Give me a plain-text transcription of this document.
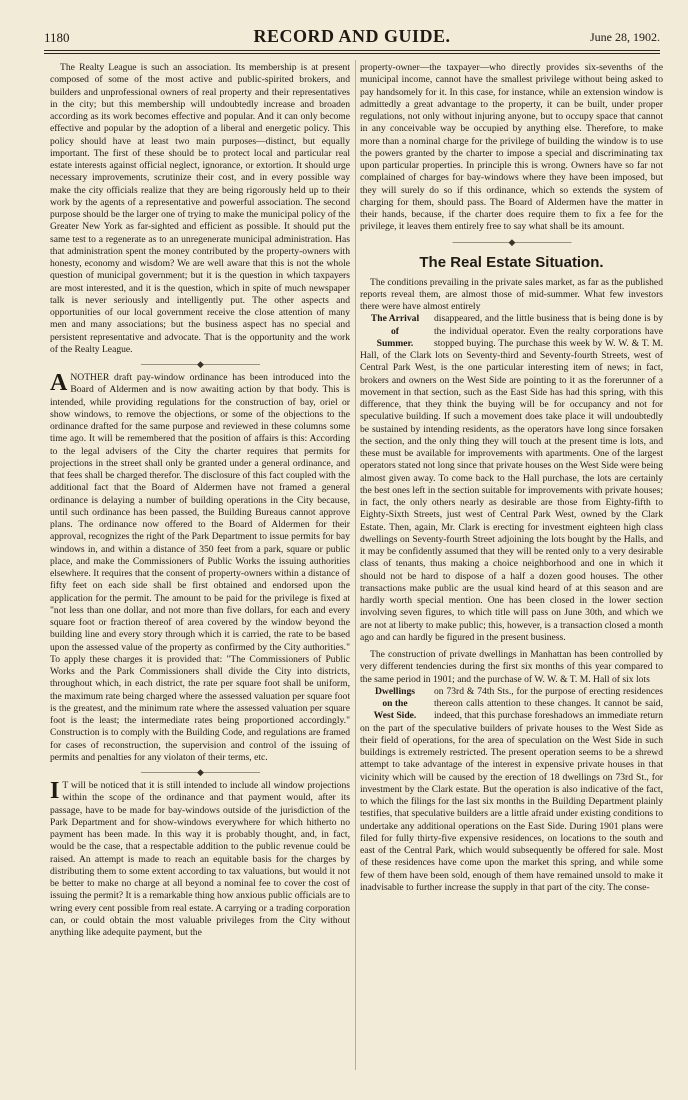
1180	RECORD AND GUIDE.	June 28, 1902.

The Realty League is such an association. Its membership is at present composed of some of the most active and public-spirited brokers, and builders and unprofessional owners of real property and their representatives in the city; but this membership will undoubtedly increase and broaden according as its work becomes effective and popular. And it can only become effective and popular by the adoption of a liberal and energetic policy. This policy should have at least two main purposes—distinct, but equally important. The first of these should be to protect local and particular real estate interests against official neglect, ignorance, or extortion. It should urge necessary improvements, scrutinize their cost, and in every possible way make the city officials realize that they are being rigorously held up to their work by the agents of a representative and powerful association. The second purpose should be the larger one of trying to make the municipal policy of the Greater New York as far-sighted and efficient as possible. It should put the same test to a regenerate as to an unregenerate municipal administration. Has that administration spent the money contributed by the property-owners with honesty, economy and wisdom? We are well aware that this is not the whole question of municipal government; but it is the question in which taxpayers are most interested, and it is the question, which in spite of much newspaper talk is never seriously and intelligently put. The other aspects and opportunities of our local government receive the close attention of many men and many associations; but the business aspect has no special and persistent representative and advocate. That is the opportunity and the work of the Realty League.

———————◆———————

ANOTHER draft pay-window ordinance has been introduced into the Board of Aldermen and is now awaiting action by that body. This is intended, while providing regulations for the construction of bay, oriel or show windows, to remove the objections, or some of the objections to the ordinance drafted for the same purpose and reviewed in these columns some time ago. It will be remembered that the position of affairs is this: According to the legal advisers of the City the charter requires that permits for projections in the street shall only be granted under a general ordinance, and that fees shall be charged therefor. The disclosure of this fact coupled with the additional fact that the Board of Aldermen have not framed a general ordinance is delaying a number of building operations in the City because, until such ordinance has been passed, the Building Bureaus cannot approve plans. The ordinance now offered to the Board of Aldermen for their approval, recognizes the right of the Park Department to issue permits for bay windows in, and within a distance of 350 feet from a park, square or public place, and make the Commissioners of Public Works the issuing authorities elsewhere. It requires that the consent of property-owners within a distance of fifty feet on each side shall be first obtained and endorsed upon the application for the permit. The amount to be paid for the privilege is fixed at "not less than one dollar, and not more than five dollars, for each and every square foot or fraction thereof of area covered by the window beyond the building line and every story through which it is carried, the rate to be based upon the assessed value of the property as confirmed by the City authorities." To apply these charges it is provided that: "The Commissioners of Public Works and the Park Commissioners shall divide the City into districts, throughout which, in each district, the rate per square foot shall be uniform, the maximum rate being charged where the assessed valuation per square foot is the greatest, and the minimum rate where the assessed valuation per square foot is the least; the intermediate rates being proportioned accordingly." Construction is to comply with the Building Code, and regulations are framed for cases of reconstruction, the supervision and control of the issuing of permits and penalties for any violaton of their terms, etc.

———————◆———————

I T will be noticed that it is still intended to include all window projections within the scope of the ordinance and that payment would, after its passage, have to be made for bay-windows outside of the jurisdiction of the Park Department and for show-windows everywhere for which hitherto no payment has been made. In this way it is probably thought, and, in fact, would be the case, that a respectable addition to the public revenue could be raised. An attempt is made to reach an equitable basis for the charges by distributing them to some extent according to tax valuations, but would it not be better to make no charge at all beyond a nominal fee to cover the cost of issuing the permit? It is a remarkable thing how anxious public officials are to wring every cent possible from real estate. A carrying or a trading corporation can, or could obtain the most valuable privileges from the City without anything like adequite payment, but the

property-owner—the taxpayer—who directly provides six-sevenths of the municipal income, cannot have the smallest privilege without being asked to pay handsomely for it. In this case, for instance, while an extension window is admittedly a great advantage to the property, it can be built, under proper regulations, not only without injuring anyone, but to occupy space that cannot in any conceivable way be occupied by anything else. Therefore, to make more than a nominal charge for the privilege of building the window is to use the powers granted by the charter to impose a special and discriminating tax upon particular properties. In principle this is wrong. Owners have so far not complained of charges for bay-windows where they have been imposed, but they will surely do so if this ordinance, which so extends the system of charging for them, should pass. The Board of Aldermen have the matter in their hands, because, if the charter does require them to fix a fee for the privilege, it leaves them entirely free to say what shall be its amount.

———————◆———————
The Real Estate Situation.

The conditions prevailing in the private sales market, as far as the published reports reveal them, are almost those of mid-summer. What few investors there were have almost entirely

The Arrival
of
Summer.

disappeared, and the little business that is being done is by the individual operator. Even the realty corporations have stopped buying. The purchase this week by W. W. & T. M. Hall, of the Clark lots on Seventy-third and Seventy-fourth Streets, west of Central Park West, is the one particular interesting item of news; in fact, brokers and owners on the West Side are pointing to it as the forerunner of a movement in that section, such as the East Side has had this spring, with this difference, that they think the buying will be for occupancy and not for speculative building. If such a movement does take place it will undoubtedly be sustained by intending residents, as the operators have long since forsaken the section, and the only thing they will touch at the present time is lots, and these must be available for improvements with apartments. One of the largest operators stated not long since that private houses on the West Side were being almost given away. To come back to the Hall purchase, the lots are certainly the best ones left in the section suitable for improvements with private houses; in fact, the only others nearly as desirable are those from Eighty-fifth to Eighty-Sixth Streets, just west of Central Park West, owned by the Clark Estate. Then, again, Mr. Clark is erecting for investment eighteen high class dwellings on Seventy-fourth Street adjoining the lots bought by the Halls, and it may be confidently assumed that they will be rented only to a very desirable class of tenants, thus making a choice neighborhood and one in which it should not be hard to dispose of a half a dozen good houses. The other transactions make public are the usual kind heard of at this season and are hardly worth special mention. One has been closed in the lower section involving seven figures, to which title will pass on June 30th, and which we are not at liberty to make public; this, however, is a transaction closed a month ago and can hardly be figured in the present business.

The construction of private dwellings in Manhattan has been controlled by very different tendencies during the first six months of this year compared to the same period in 1901; and the purchase of W. W. & T. M. Hall of six lots

Dwellings
on the
West Side.

on 73rd & 74th Sts., for the purpose of erecting residences thereon calls attention to these changes. It cannot be said, indeed, that this purchase foreshadows an immediate return on the part of the speculative builders of private houses to the West Side as their field of operations, for the area of speculation on the West Side in such buildings is extremely restricted. The present operation seems to be a shrewd attempt to take advantage of the interest in expensive private houses in that vicinity which will be caused by the erection of 18 dwellings on 73rd St., for investment by the Clark estate. But the operation is also indicative of the fact, to which the filings for the last six months in the Building Department plainly testifies, that speculative builders are a little afraid under existing conditions to undertake any additional operations on the East Side. During 1901 plans were filed for fully thirty-five expensive residences, on locations to the south and east of the Central Park, which would subsequently be offered for sale. Most of these residences have come upon the market this spring, and while some few of them have been sold, enough of them have remained unsold to make it inadvisable to further increase the supply in that part of the city. The conse-
